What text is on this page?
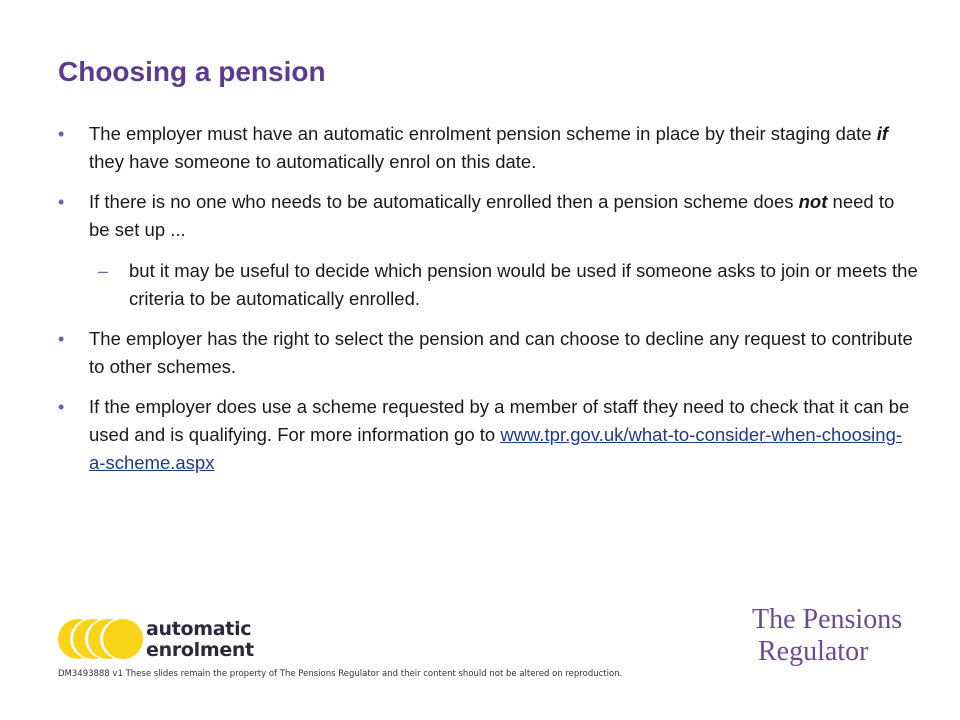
Choosing a pension
• The employer must have an automatic enrolment pension scheme in place by their staging date if they have someone to automatically enrol on this date.
• If there is no one who needs to be automatically enrolled then a pension scheme does not need to be set up ...
– but it may be useful to decide which pension would be used if someone asks to join or meets the criteria to be automatically enrolled.
• The employer has the right to select the pension and can choose to decline any request to contribute to other schemes.
• If the employer does use a scheme requested by a member of staff they need to check that it can be used and is qualifying. For more information go to www.tpr.gov.uk/what-to-consider-when-choosing-a-scheme.aspx
automatic
enrolment
The Pensions
Regulator
DM3493888 v1 These slides remain the property of The Pensions Regulator and their content should not be altered on reproduction.
